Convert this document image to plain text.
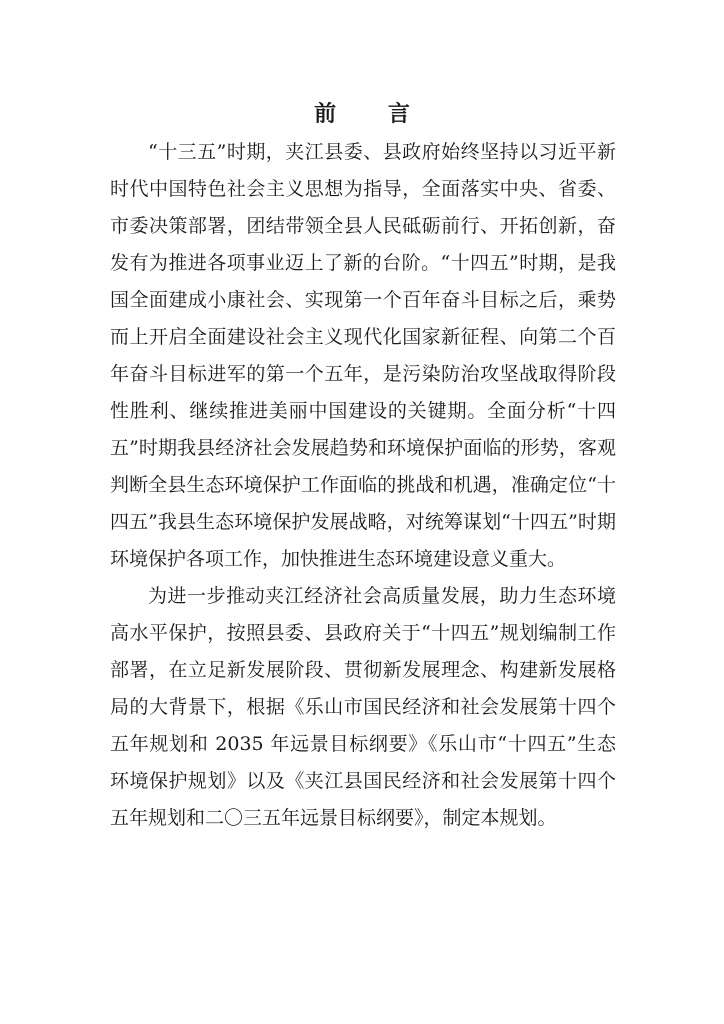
前 言

“十三五”时期，夹江县委、县政府始终坚持以习近平新时代中国特色社会主义思想为指导，全面落实中央、省委、市委决策部署，团结带领全县人民砥砺前行、开拓创新，奋发有为推进各项事业迈上了新的台阶。“十四五”时期，是我国全面建成小康社会、实现第一个百年奋斗目标之后，乘势而上开启全面建设社会主义现代化国家新征程、向第二个百年奋斗目标进军的第一个五年，是污染防治攻坚战取得阶段性胜利、继续推进美丽中国建设的关键期。全面分析“十四五”时期我县经济社会发展趋势和环境保护面临的形势，客观判断全县生态环境保护工作面临的挑战和机遇，准确定位“十四五”我县生态环境保护发展战略，对统筹谋划“十四五”时期环境保护各项工作，加快推进生态环境建设意义重大。

为进一步推动夹江经济社会高质量发展，助力生态环境高水平保护，按照县委、县政府关于“十四五”规划编制工作部署，在立足新发展阶段、贯彻新发展理念、构建新发展格局的大背景下，根据《乐山市国民经济和社会发展第十四个五年规划和 2035 年远景目标纲要》《乐山市“十四五”生态环境保护规划》以及《夹江县国民经济和社会发展第十四个五年规划和二〇三五年远景目标纲要》，制定本规划。
